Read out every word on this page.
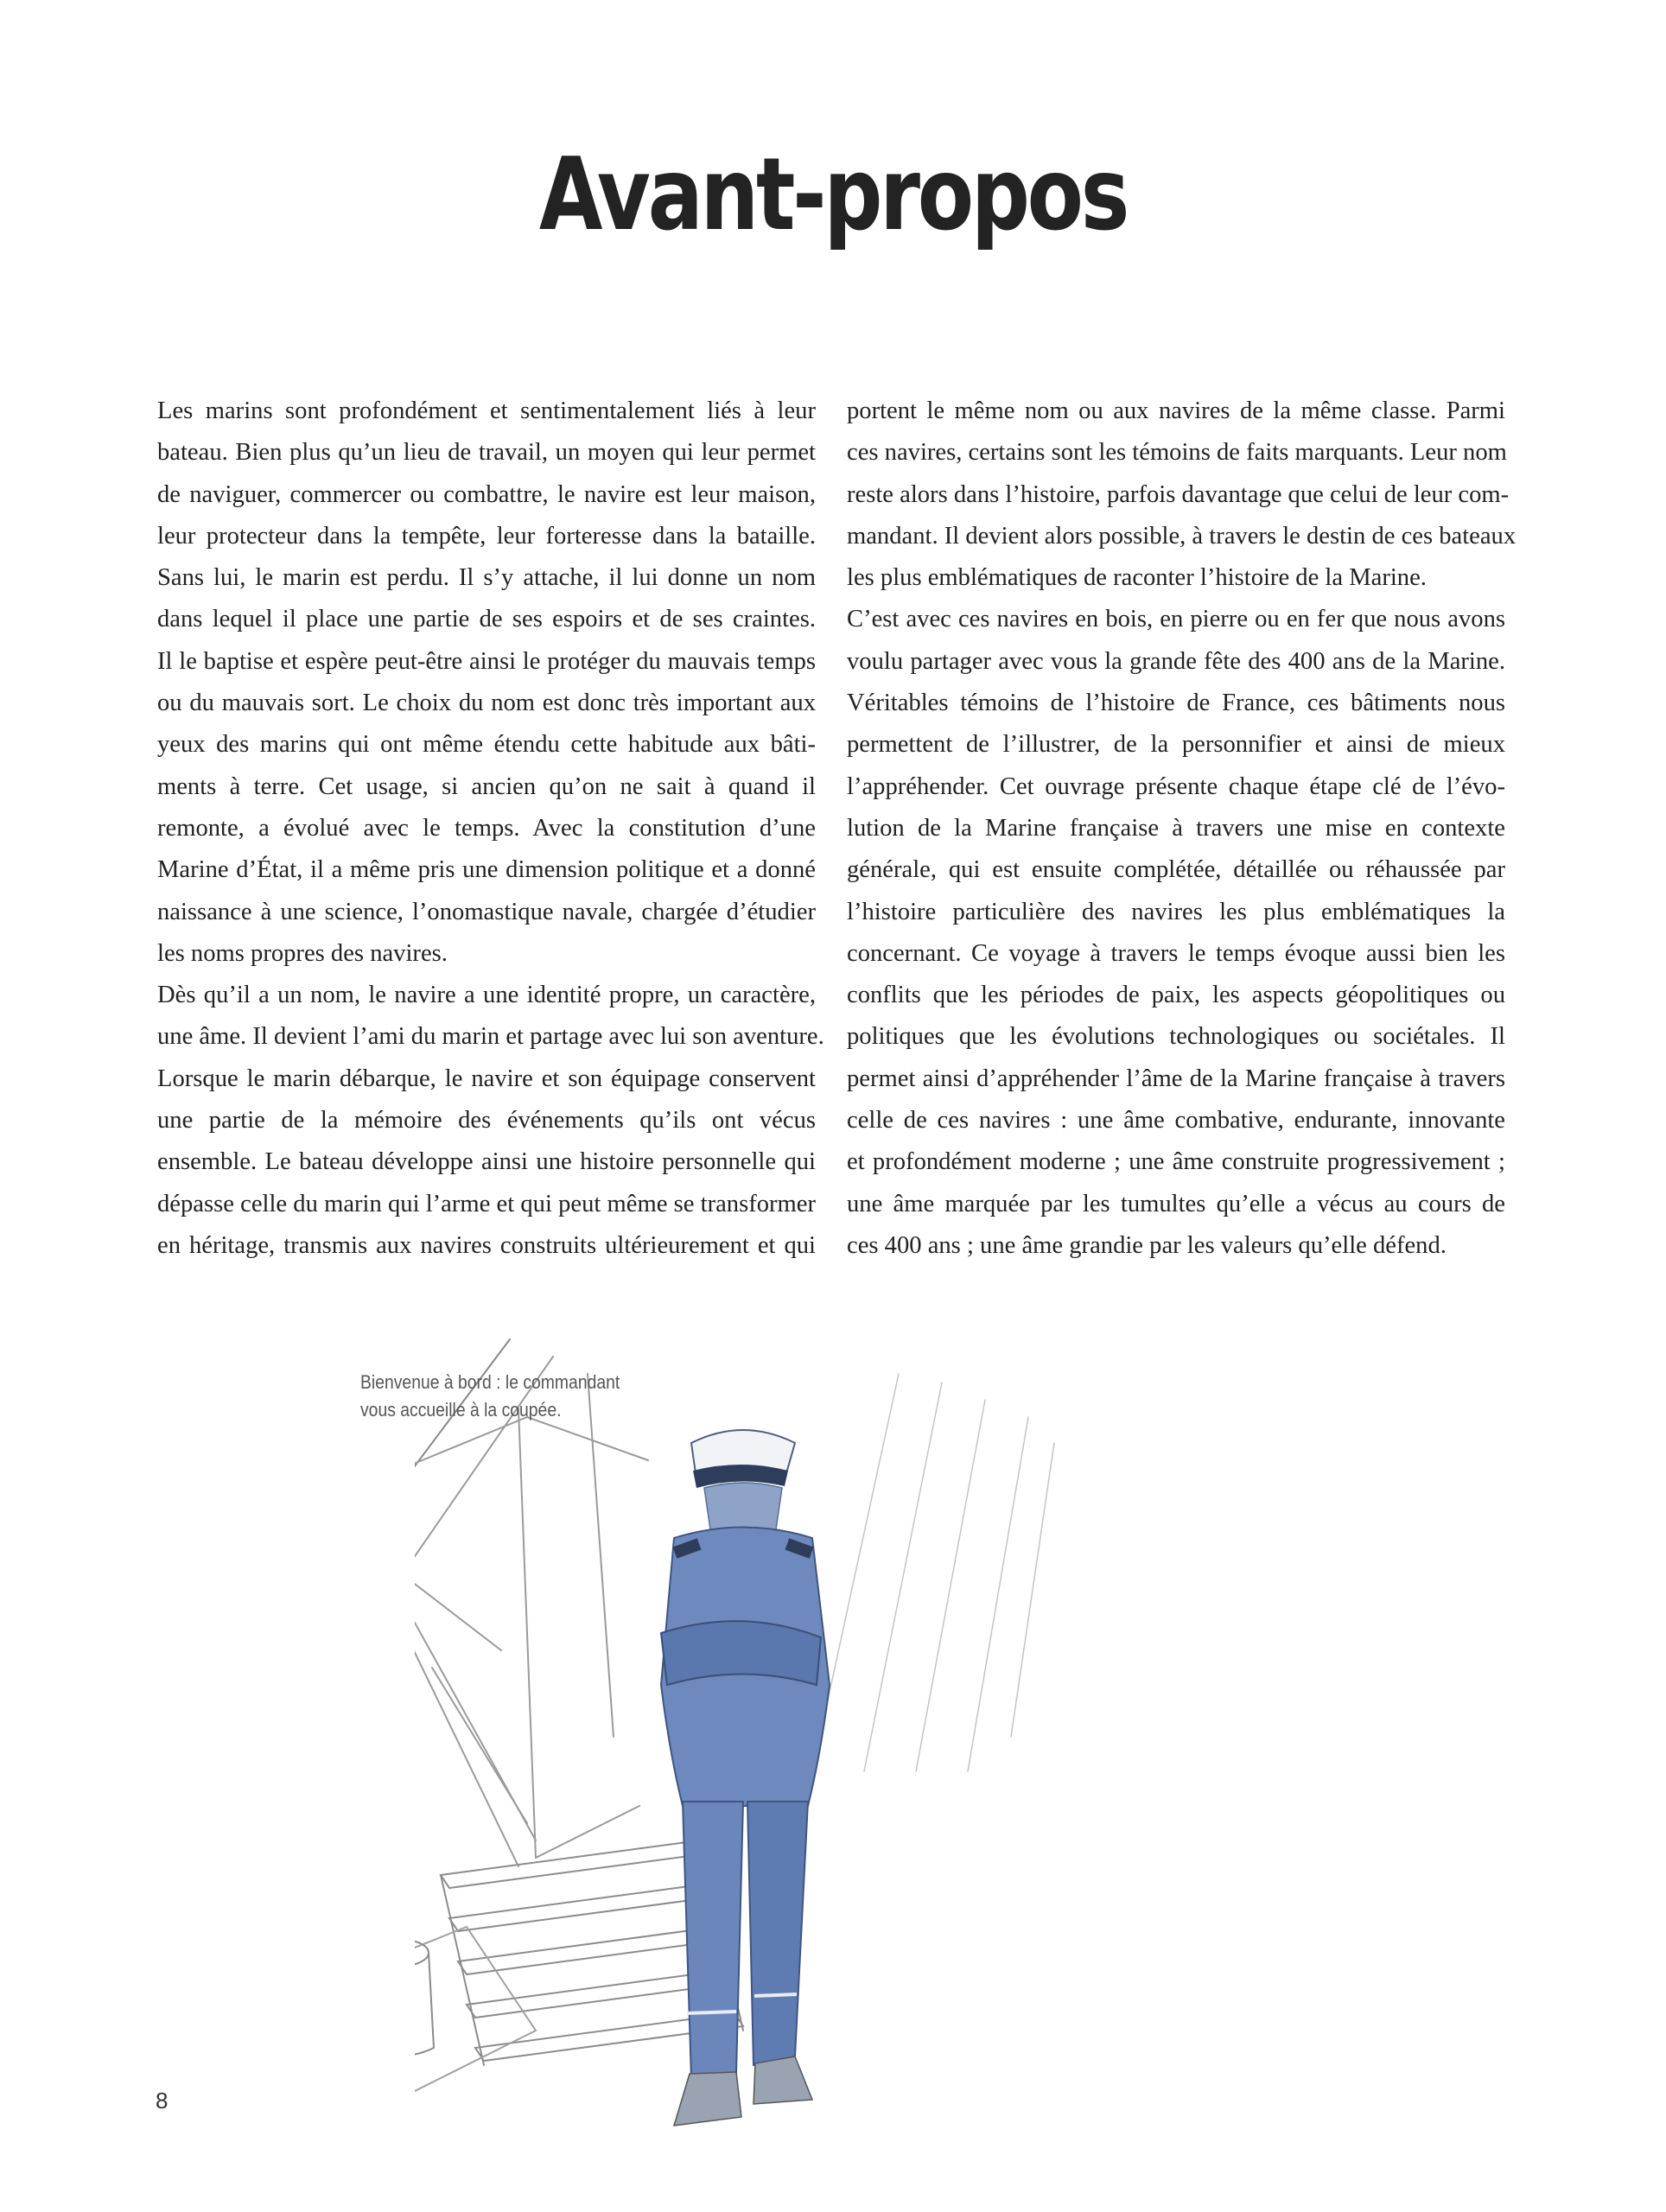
Avant-propos
Les marins sont profondément et sentimentalement liés à leur
bateau. Bien plus qu’un lieu de travail, un moyen qui leur permet
de naviguer, commercer ou combattre, le navire est leur maison,
leur protecteur dans la tempête, leur forteresse dans la bataille.
Sans lui, le marin est perdu. Il s’y attache, il lui donne un nom
dans lequel il place une partie de ses espoirs et de ses craintes.
Il le baptise et espère peut-être ainsi le protéger du mauvais temps
ou du mauvais sort. Le choix du nom est donc très important aux
yeux des marins qui ont même étendu cette habitude aux bâti-
ments à terre. Cet usage, si ancien qu’on ne sait à quand il
remonte, a évolué avec le temps. Avec la constitution d’une
Marine d’État, il a même pris une dimension politique et a donné
naissance à une science, l’onomastique navale, chargée d’étudier
les noms propres des navires.
Dès qu’il a un nom, le navire a une identité propre, un caractère,
une âme. Il devient l’ami du marin et partage avec lui son aventure.
Lorsque le marin débarque, le navire et son équipage conservent
une partie de la mémoire des événements qu’ils ont vécus
ensemble. Le bateau développe ainsi une histoire personnelle qui
dépasse celle du marin qui l’arme et qui peut même se transformer
en héritage, transmis aux navires construits ultérieurement et qui
portent le même nom ou aux navires de la même classe. Parmi
ces navires, certains sont les témoins de faits marquants. Leur nom
reste alors dans l’histoire, parfois davantage que celui de leur com-
mandant. Il devient alors possible, à travers le destin de ces bateaux
les plus emblématiques de raconter l’histoire de la Marine.
C’est avec ces navires en bois, en pierre ou en fer que nous avons
voulu partager avec vous la grande fête des 400 ans de la Marine.
Véritables témoins de l’histoire de France, ces bâtiments nous
permettent de l’illustrer, de la personnifier et ainsi de mieux
l’appréhender. Cet ouvrage présente chaque étape clé de l’évo-
lution de la Marine française à travers une mise en contexte
générale, qui est ensuite complétée, détaillée ou réhaussée par
l’histoire particulière des navires les plus emblématiques la
concernant. Ce voyage à travers le temps évoque aussi bien les
conflits que les périodes de paix, les aspects géopolitiques ou
politiques que les évolutions technologiques ou sociétales. Il
permet ainsi d’appréhender l’âme de la Marine française à travers
celle de ces navires : une âme combative, endurante, innovante
et profondément moderne ; une âme construite progressivement ;
une âme marquée par les tumultes qu’elle a vécus au cours de
ces 400 ans ; une âme grandie par les valeurs qu’elle défend.
Bienvenue à bord : le commandant
vous accueille à la coupée.
8
